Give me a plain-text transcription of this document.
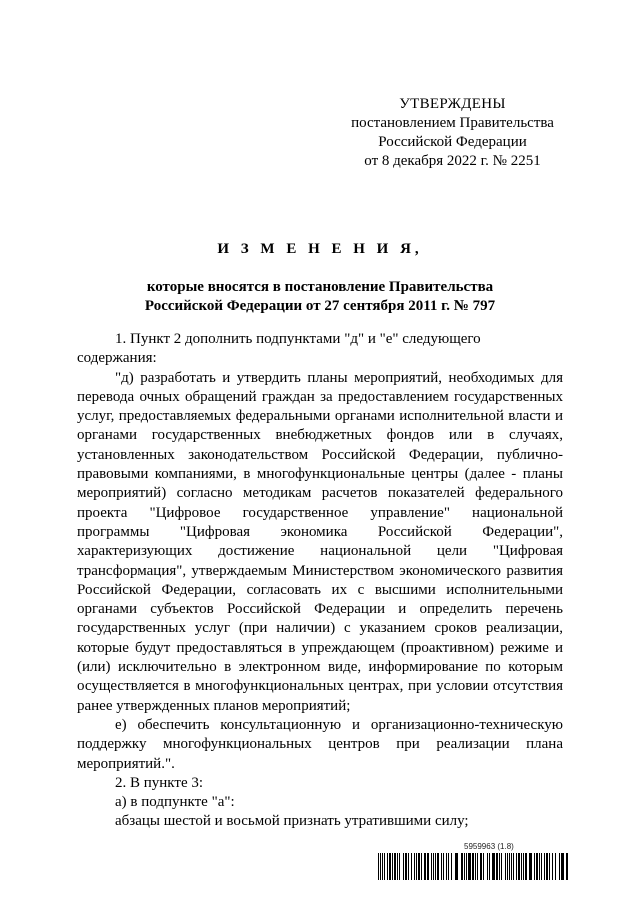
УТВЕРЖДЕНЫ
постановлением Правительства
Российской Федерации
от 8 декабря 2022 г. № 2251
И З М Е Н Е Н И Я,
которые вносятся в постановление Правительства
Российской Федерации от 27 сентября 2011 г. № 797

1. Пункт 2 дополнить подпунктами "д" и "е" следующего содержания:

"д) разработать и утвердить планы мероприятий, необходимых для перевода очных обращений граждан за предоставлением государственных услуг, предоставляемых федеральными органами исполнительной власти и органами государственных внебюджетных фондов или в случаях, установленных законодательством Российской Федерации, публично-правовыми компаниями, в многофункциональные центры (далее - планы мероприятий) согласно методикам расчетов показателей федерального проекта "Цифровое государственное управление" национальной программы "Цифровая экономика Российской Федерации", характеризующих достижение национальной цели "Цифровая трансформация", утверждаемым Министерством экономического развития Российской Федерации, согласовать их с высшими исполнительными органами субъектов Российской Федерации и определить перечень государственных услуг (при наличии) с указанием сроков реализации, которые будут предоставляться в упреждающем (проактивном) режиме и (или) исключительно в электронном виде, информирование по которым осуществляется в многофункциональных центрах, при условии отсутствия ранее утвержденных планов мероприятий;

е) обеспечить консультационную и организационно-техническую поддержку многофункциональных центров при реализации плана мероприятий.".

2. В пункте 3:

а) в подпункте "а":

абзацы шестой и восьмой признать утратившими силу;

5959963 (1.8)
